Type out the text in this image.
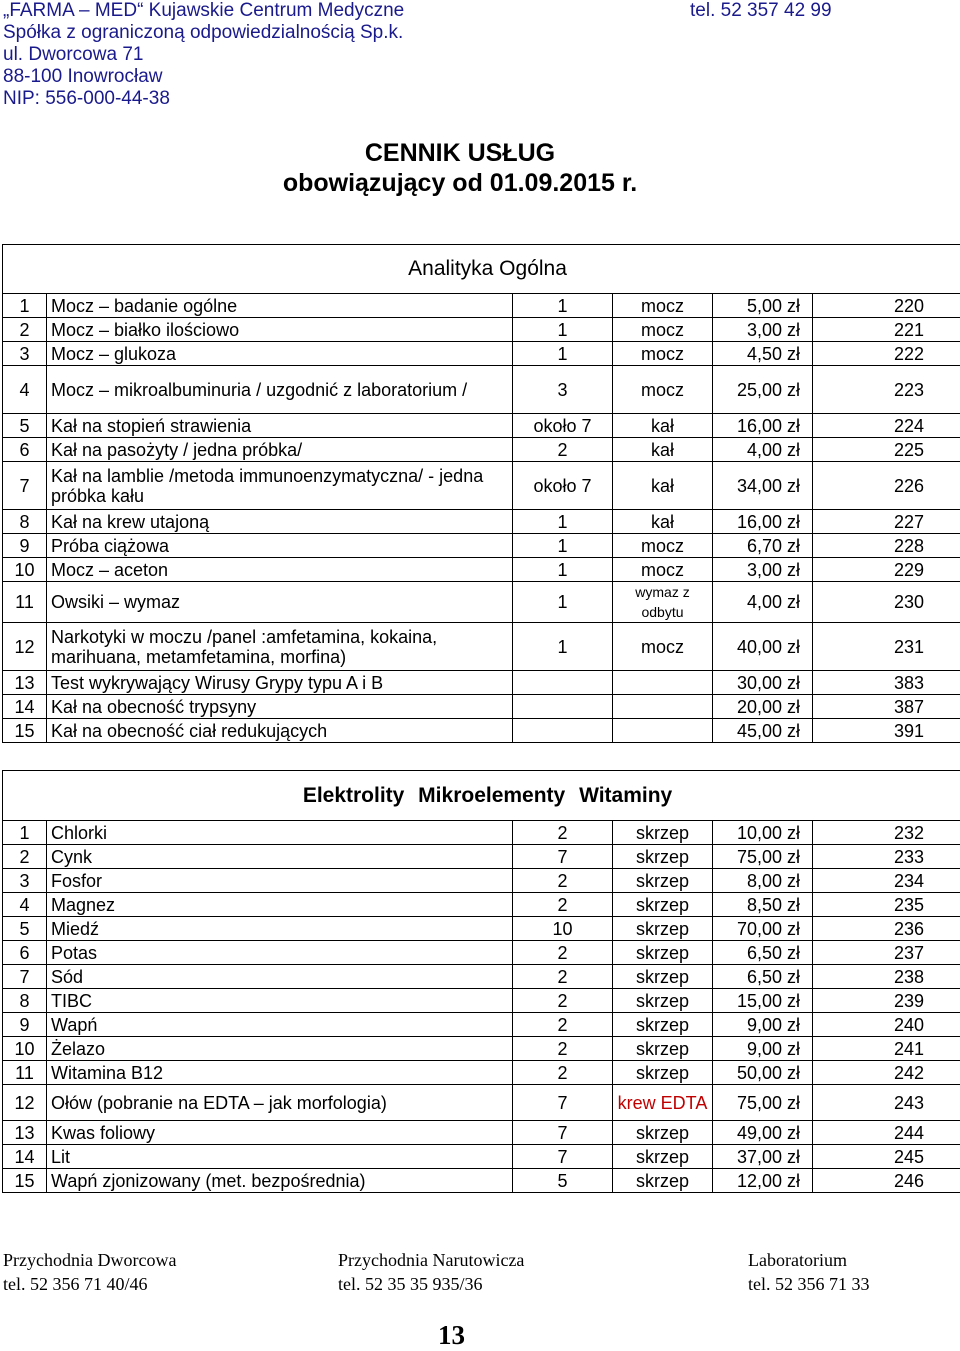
„FARMA – MED“ Kujawskie Centrum Medyczne
Spółka z ograniczoną odpowiedzialnością Sp.k.
ul. Dworcowa 71
88-100 Inowrocław
NIP: 556-000-44-38
tel. 52 357 42 99
CENNIK USŁUG
obowiązujący od 01.09.2015 r.
Analityka Ogólna					
1	Mocz – badanie ogólne	1	mocz	5,00 zł	220
2	Mocz – białko ilościowo	1	mocz	3,00 zł	221
3	Mocz – glukoza	1	mocz	4,50 zł	222
4	Mocz – mikroalbuminuria / uzgodnić z laboratorium /	3	mocz	25,00 zł	223
5	Kał na stopień strawienia	około 7	kał	16,00 zł	224
6	Kał na pasożyty / jedna próbka/	2	kał	4,00 zł	225
7	Kał na lamblie /metoda immunoenzymatyczna/ - jedna próbka kału	około 7	kał	34,00 zł	226
8	Kał na krew utajoną	1	kał	16,00 zł	227
9	Próba ciążowa	1	mocz	6,70 zł	228
10	Mocz – aceton	1	mocz	3,00 zł	229
11	Owsiki – wymaz	1	wymaz z odbytu	4,00 zł	230
12	Narkotyki w moczu /panel :amfetamina, kokaina, marihuana, metamfetamina, morfina)	1	mocz	40,00 zł	231
13	Test wykrywający Wirusy Grypy typu A i B			30,00 zł	383
14	Kał na obecność trypsyny			20,00 zł	387
15	Kał na obecność ciał redukujących			45,00 zł	391
Elektrolity Mikroelementy Witaminy					
1	Chlorki	2	skrzep	10,00 zł	232
2	Cynk	7	skrzep	75,00 zł	233
3	Fosfor	2	skrzep	8,00 zł	234
4	Magnez	2	skrzep	8,50 zł	235
5	Miedź	10	skrzep	70,00 zł	236
6	Potas	2	skrzep	6,50 zł	237
7	Sód	2	skrzep	6,50 zł	238
8	TIBC	2	skrzep	15,00 zł	239
9	Wapń	2	skrzep	9,00 zł	240
10	Żelazo	2	skrzep	9,00 zł	241
11	Witamina B12	2	skrzep	50,00 zł	242
12	Ołów (pobranie na EDTA – jak morfologia)	7	krew EDTA	75,00 zł	243
13	Kwas foliowy	7	skrzep	49,00 zł	244
14	Lit	7	skrzep	37,00 zł	245
15	Wapń zjonizowany (met. bezpośrednia)	5	skrzep	12,00 zł	246
Przychodnia Dworcowa
tel. 52 356 71 40/46
Przychodnia Narutowicza
tel. 52 35 35 935/36
Laboratorium
tel. 52 356 71 33
13
